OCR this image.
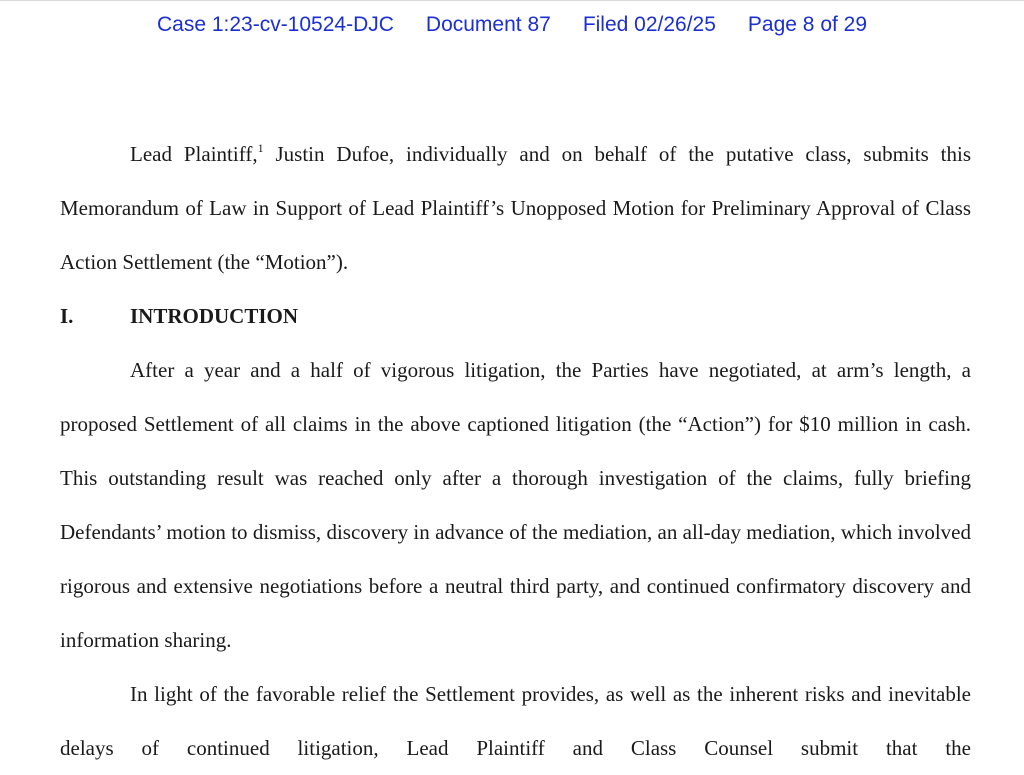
Case 1:23-cv-10524-DJC Document 87 Filed 02/26/25 Page 8 of 29

Lead Plaintiff,$^1$ Justin Dufoe, individually and on behalf of the putative class, submits this Memorandum of Law in Support of Lead Plaintiff’s Unopposed Motion for Preliminary Approval of Class Action Settlement (the “Motion”).

I.	INTRODUCTION

After a year and a half of vigorous litigation, the Parties have negotiated, at arm’s length, a proposed Settlement of all claims in the above captioned litigation (the “Action”) for $10 million in cash. This outstanding result was reached only after a thorough investigation of the claims, fully briefing Defendants’ motion to dismiss, discovery in advance of the mediation, an all-day mediation, which involved rigorous and extensive negotiations before a neutral third party, and continued confirmatory discovery and information sharing.

In light of the favorable relief the Settlement provides, as well as the inherent risks and inevitable delays of continued litigation, Lead Plaintiff and Class Counsel submit that the
